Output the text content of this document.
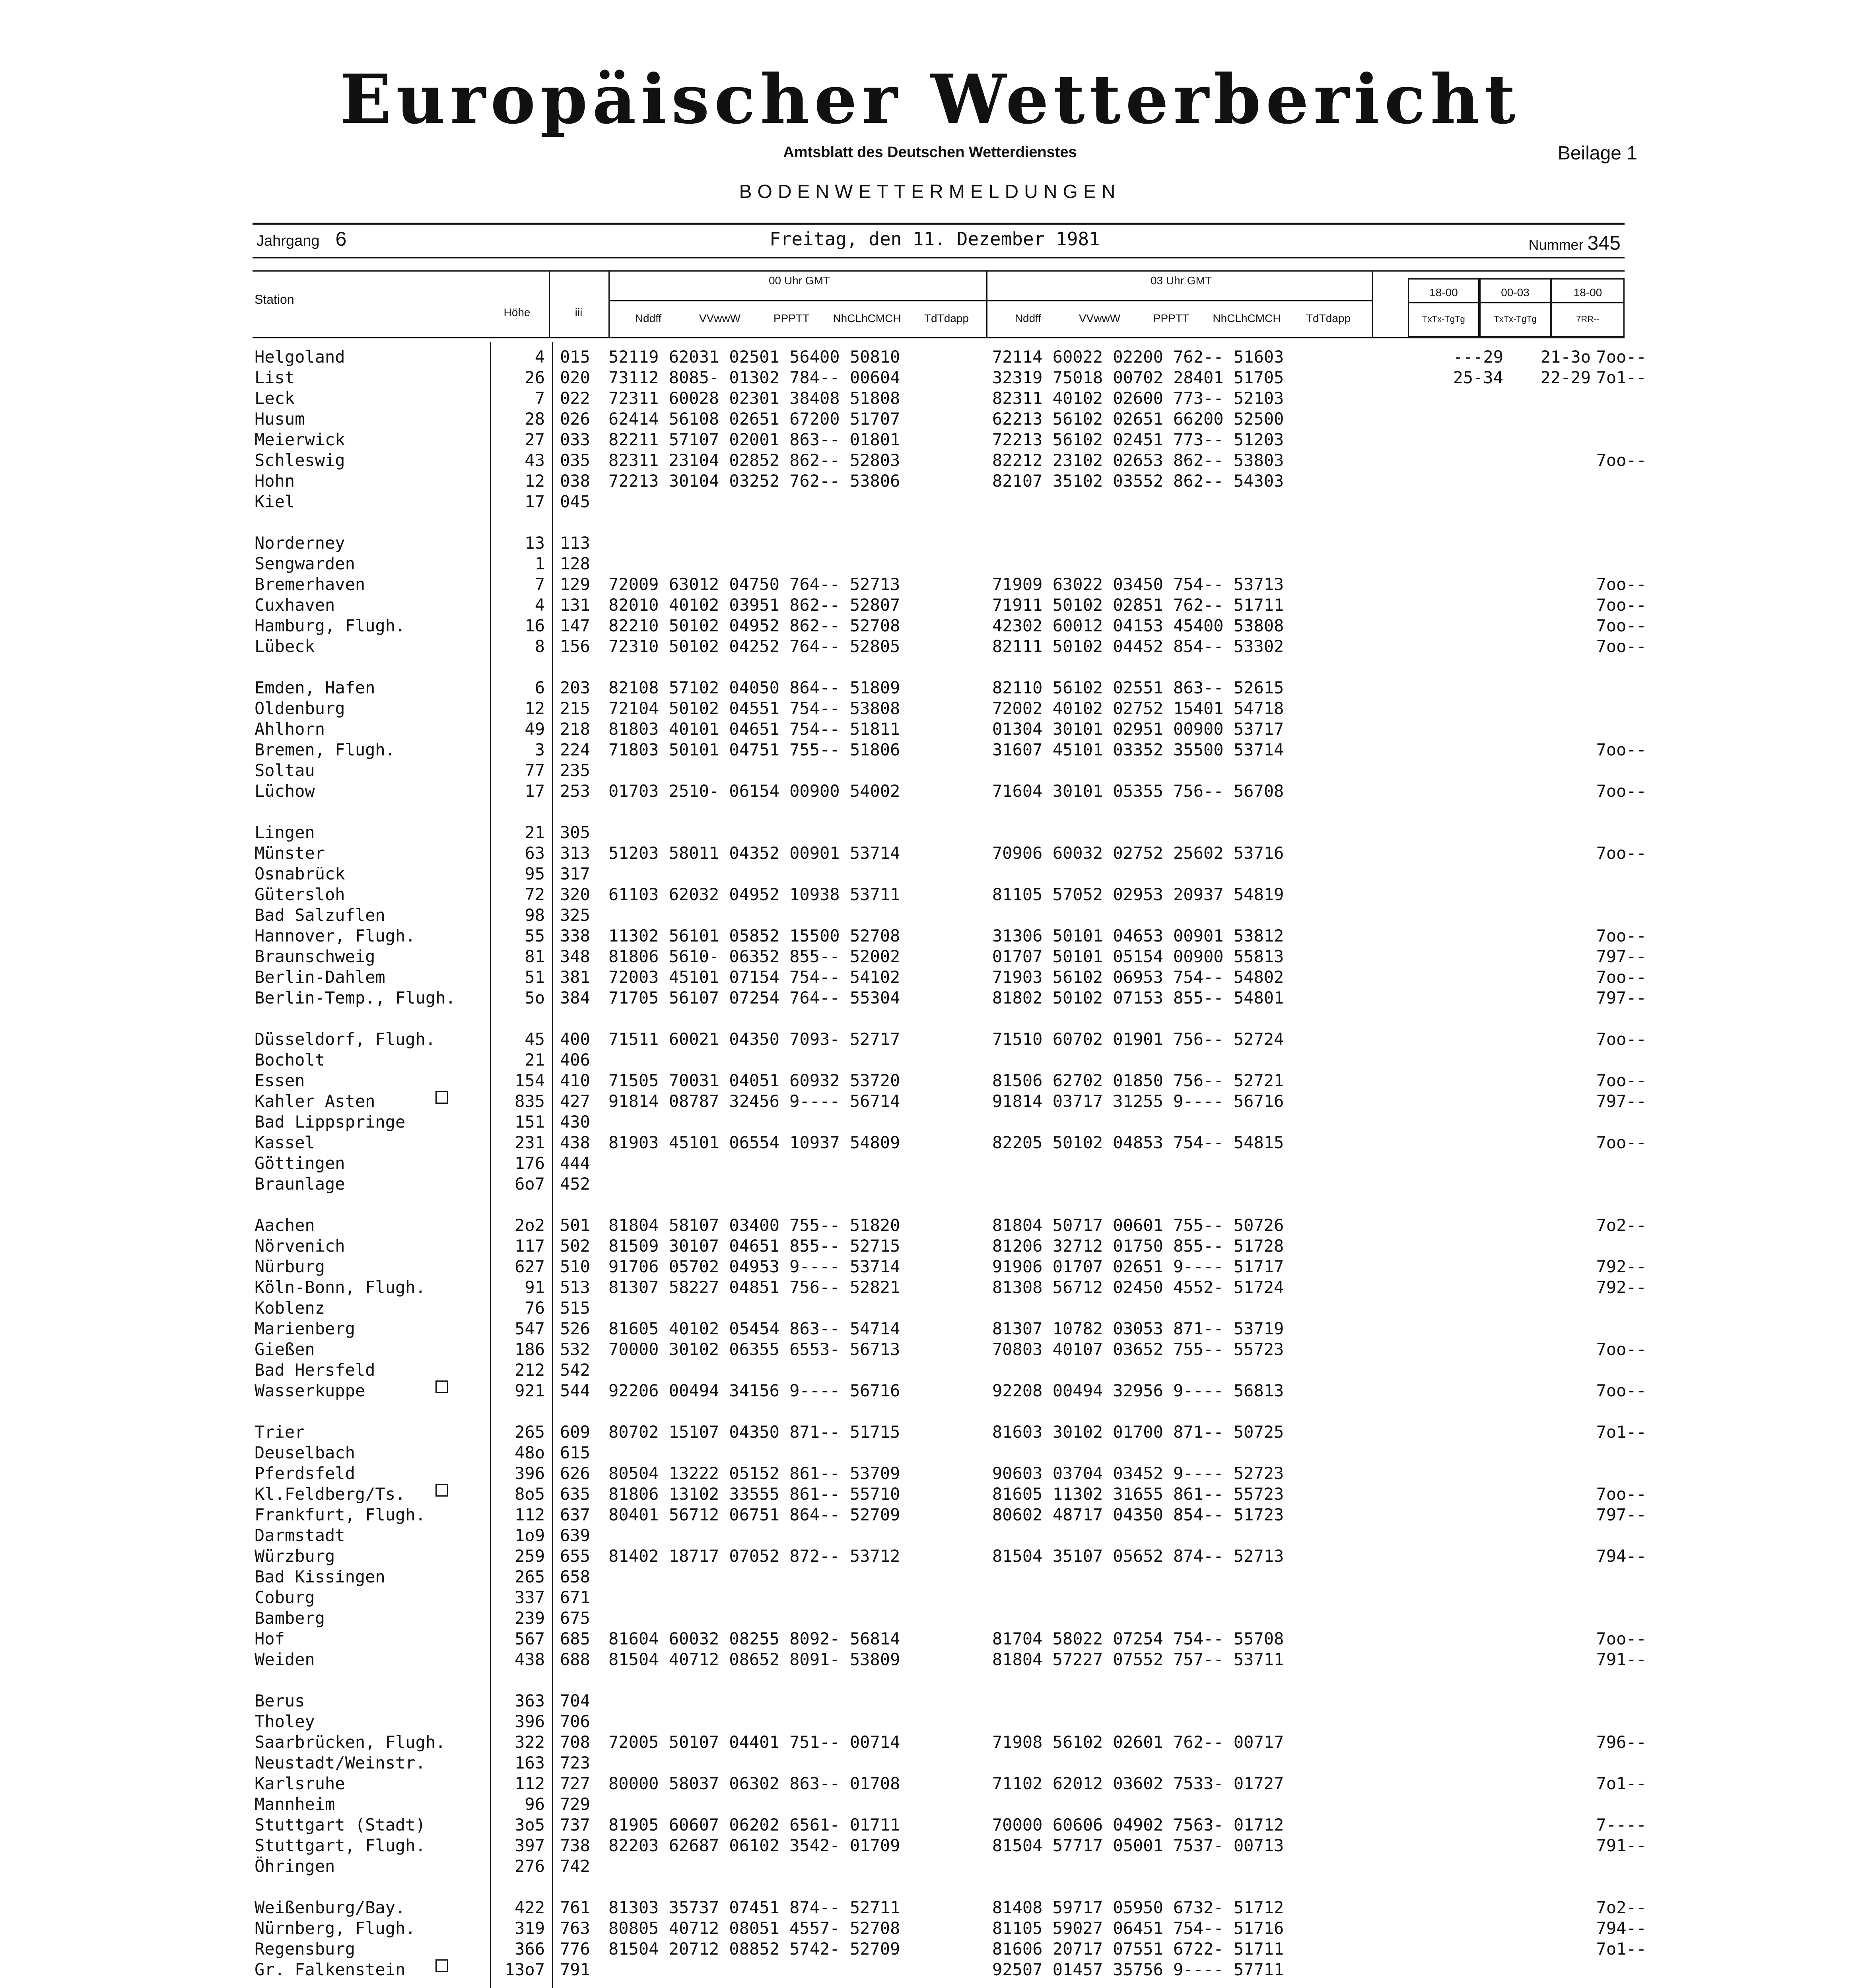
Europäischer Wetterbericht
Amtsblatt des Deutschen Wetterdienstes	Beilage 1
BODENWETTERMELDUNGEN
Jahrgang 6	Freitag, den 11. Dezember 1981	Nummer 345
Station
Höhe	iii
00 Uhr GMT
Nddff	VVwwW	PPPTT	NhCLhCMCH	TdTdapp
03 Uhr GMT
Nddff	VVwwW	PPPTT	NhCLhCMCH	TdTdapp
18-00	00-03	18-00
TxTx-TgTg	TxTx-TgTg	7RR--
Helgoland	4 015 52119 62031 02501 56400 50810	72114 60022 02200 762-- 51603	---29	21-3o 7oo--
List	26 020 73112 8085- 01302 784-- 00604	32319 75018 00702 28401 51705	25-34	22-29 7o1--
Leck	7 022 72311 60028 02301 38408 51808	82311 40102 02600 773-- 52103
Husum	28 026 62414 56108 02651 67200 51707	62213 56102 02651 66200 52500
Meierwick	27 033 82211 57107 02001 863-- 01801	72213 56102 02451 773-- 51203
Schleswig	43 035 82311 23104 02852 862-- 52803	82212 23102 02653 862-- 53803	7oo--
Hohn	12 038 72213 30104 03252 762-- 53806	82107 35102 03552 862-- 54303
Kiel	17 045
Norderney	13 113
Sengwarden	1 128
Bremerhaven	7 129 72009 63012 04750 764-- 52713	71909 63022 03450 754-- 53713	7oo--
Cuxhaven	4 131 82010 40102 03951 862-- 52807	71911 50102 02851 762-- 51711	7oo--
Hamburg, Flugh.	16 147 82210 50102 04952 862-- 52708	42302 60012 04153 45400 53808	7oo--
Lübeck	8 156 72310 50102 04252 764-- 52805	82111 50102 04452 854-- 53302	7oo--
Emden, Hafen	6 203 82108 57102 04050 864-- 51809	82110 56102 02551 863-- 52615
Oldenburg	12 215 72104 50102 04551 754-- 53808	72002 40102 02752 15401 54718
Ahlhorn	49 218 81803 40101 04651 754-- 51811	01304 30101 02951 00900 53717
Bremen, Flugh.	3 224 71803 50101 04751 755-- 51806	31607 45101 03352 35500 53714	7oo--
Soltau	77 235
Lüchow	17 253 01703 2510- 06154 00900 54002	71604 30101 05355 756-- 56708	7oo--
Lingen	21 305
Münster	63 313 51203 58011 04352 00901 53714	70906 60032 02752 25602 53716	7oo--
Osnabrück	95 317
Gütersloh	72 320 61103 62032 04952 10938 53711	81105 57052 02953 20937 54819
Bad Salzuflen	98 325
Hannover, Flugh.	55 338 11302 56101 05852 15500 52708	31306 50101 04653 00901 53812	7oo--
Braunschweig	81 348 81806 5610- 06352 855-- 52002	01707 50101 05154 00900 55813	797--
Berlin-Dahlem	51 381 72003 45101 07154 754-- 54102	71903 56102 06953 754-- 54802	7oo--
Berlin-Temp., Flugh.	5o 384 71705 56107 07254 764-- 55304	81802 50102 07153 855-- 54801	797--
Düsseldorf, Flugh.	45 400 71511 60021 04350 7093- 52717	71510 60702 01901 756-- 52724	7oo--
Bocholt	21 406
Essen	154 410 71505 70031 04051 60932 53720	81506 62702 01850 756-- 52721	7oo--
Kahler Asten	835 427 91814 08787 32456 9---- 56714	91814 03717 31255 9---- 56716	797--
Bad Lippspringe	151 430
Kassel	231 438 81903 45101 06554 10937 54809	82205 50102 04853 754-- 54815	7oo--
Göttingen	176 444
Braunlage	6o7 452
Aachen	2o2 501 81804 58107 03400 755-- 51820	81804 50717 00601 755-- 50726	7o2--
Nörvenich	117 502 81509 30107 04651 855-- 52715	81206 32712 01750 855-- 51728
Nürburg	627 510 91706 05702 04953 9---- 53714	91906 01707 02651 9---- 51717	792--
Köln-Bonn, Flugh.	91 513 81307 58227 04851 756-- 52821	81308 56712 02450 4552- 51724	792--
Koblenz	76 515
Marienberg	547 526 81605 40102 05454 863-- 54714	81307 10782 03053 871-- 53719
Gießen	186 532 70000 30102 06355 6553- 56713	70803 40107 03652 755-- 55723	7oo--
Bad Hersfeld	212 542
Wasserkuppe	921 544 92206 00494 34156 9---- 56716	92208 00494 32956 9---- 56813	7oo--
Trier	265 609 80702 15107 04350 871-- 51715	81603 30102 01700 871-- 50725	7o1--
Deuselbach	48o 615
Pferdsfeld	396 626 80504 13222 05152 861-- 53709	90603 03704 03452 9---- 52723
Kl.Feldberg/Ts.	8o5 635 81806 13102 33555 861-- 55710	81605 11302 31655 861-- 55723	7oo--
Frankfurt, Flugh.	112 637 80401 56712 06751 864-- 52709	80602 48717 04350 854-- 51723	797--
Darmstadt	1o9 639
Würzburg	259 655 81402 18717 07052 872-- 53712	81504 35107 05652 874-- 52713	794--
Bad Kissingen	265 658
Coburg	337 671
Bamberg	239 675
Hof	567 685 81604 60032 08255 8092- 56814	81704 58022 07254 754-- 55708	7oo--
Weiden	438 688 81504 40712 08652 8091- 53809	81804 57227 07552 757-- 53711	791--
Berus	363 704
Tholey	396 706
Saarbrücken, Flugh.	322 708 72005 50107 04401 751-- 00714	71908 56102 02601 762-- 00717	796--
Neustadt/Weinstr.	163 723
Karlsruhe	112 727 80000 58037 06302 863-- 01708	71102 62012 03602 7533- 01727	7o1--
Mannheim	96 729
Stuttgart (Stadt)	3o5 737 81905 60607 06202 6561- 01711	70000 60606 04902 7563- 01712	7----
Stuttgart, Flugh.	397 738 82203 62687 06102 3542- 01709	81504 57717 05001 7537- 00713	791--
Öhringen	276 742
Weißenburg/Bay.	422 761 81303 35737 07451 874-- 52711	81408 59717 05950 6732- 51712	7o2--
Nürnberg, Flugh.	319 763 80805 40712 08051 4557- 52708	81105 59027 06451 754-- 51716	794--
Regensburg	366 776 81504 20712 08852 5742- 52709	81606 20717 07551 6722- 51711	7o1--
Gr. Falkenstein	13o7 791	92507 01457 35756 9---- 57711
